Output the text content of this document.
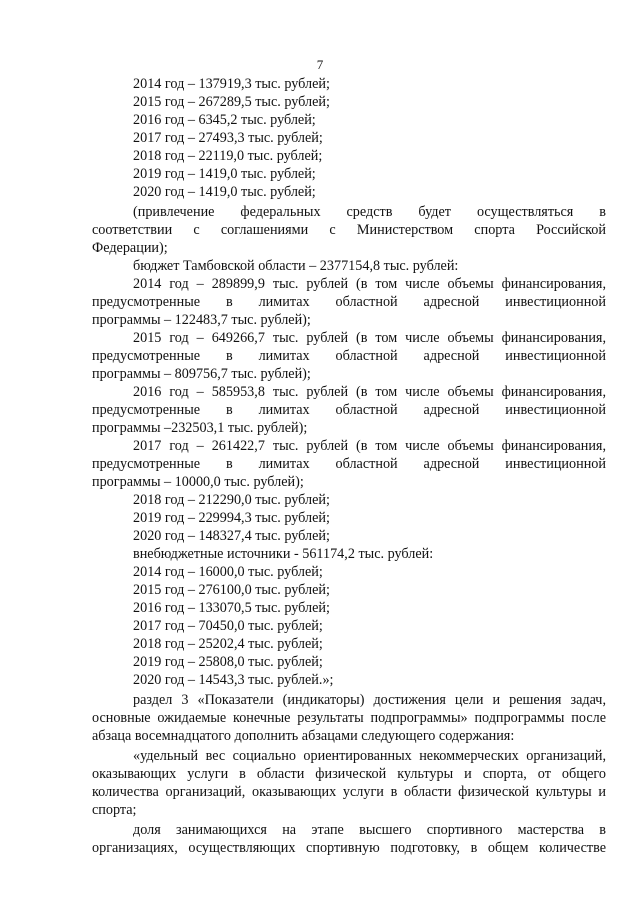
7
2014 год – 137919,3 тыс. рублей;
2015 год – 267289,5 тыс. рублей;
2016 год – 6345,2 тыс. рублей;
2017 год – 27493,3 тыс. рублей;
2018 год – 22119,0 тыс. рублей;
2019 год – 1419,0 тыс. рублей;
2020 год – 1419,0 тыс. рублей;
(привлечение федеральных средств будет осуществляться в
соответствии с соглашениями с Министерством спорта Российской
Федерации);
бюджет Тамбовской области – 2377154,8 тыс. рублей:
2014 год – 289899,9 тыс. рублей (в том числе объемы финансирования,
предусмотренные в лимитах областной адресной инвестиционной
программы – 122483,7 тыс. рублей);
2015 год – 649266,7 тыс. рублей (в том числе объемы финансирования,
предусмотренные в лимитах областной адресной инвестиционной
программы – 809756,7 тыс. рублей);
2016 год – 585953,8 тыс. рублей (в том числе объемы финансирования,
предусмотренные в лимитах областной адресной инвестиционной
программы –232503,1 тыс. рублей);
2017 год – 261422,7 тыс. рублей (в том числе объемы финансирования,
предусмотренные в лимитах областной адресной инвестиционной
программы – 10000,0 тыс. рублей);
2018 год – 212290,0 тыс. рублей;
2019 год – 229994,3 тыс. рублей;
2020 год – 148327,4 тыс. рублей;
внебюджетные источники - 561174,2 тыс. рублей:
2014 год – 16000,0 тыс. рублей;
2015 год – 276100,0 тыс. рублей;
2016 год – 133070,5 тыс. рублей;
2017 год – 70450,0 тыс. рублей;
2018 год – 25202,4 тыс. рублей;
2019 год – 25808,0 тыс. рублей;
2020 год – 14543,3 тыс. рублей.»;
раздел 3 «Показатели (индикаторы) достижения цели и решения задач,
основные ожидаемые конечные результаты подпрограммы» подпрограммы после
абзаца восемнадцатого дополнить абзацами следующего содержания:
«удельный вес социально ориентированных некоммерческих организаций,
оказывающих услуги в области физической культуры и спорта, от общего
количества организаций, оказывающих услуги в области физической культуры и
спорта;
доля занимающихся на этапе высшего спортивного мастерства в
организациях, осуществляющих спортивную подготовку, в общем количестве
